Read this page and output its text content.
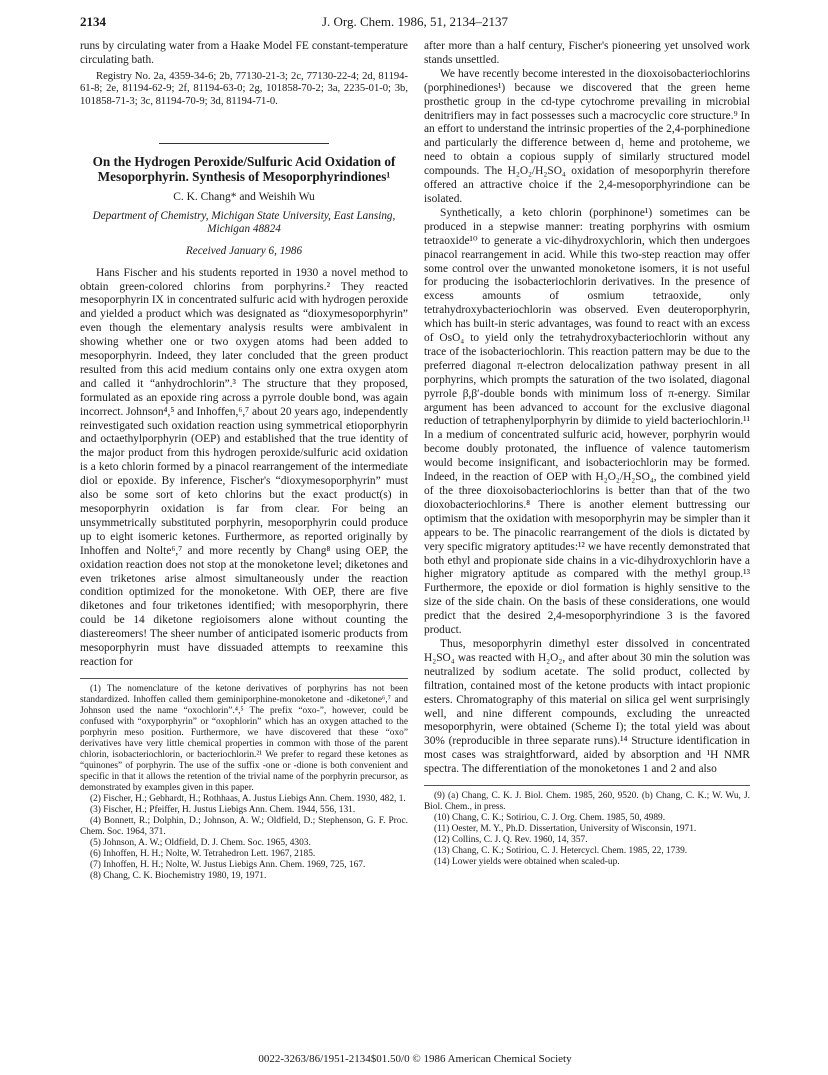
2134	J. Org. Chem. 1986, 51, 2134–2137

runs by circulating water from a Haake Model FE constant-temperature circulating bath.

Registry No. 2a, 4359-34-6; 2b, 77130-21-3; 2c, 77130-22-4; 2d, 81194-61-8; 2e, 81194-62-9; 2f, 81194-63-0; 2g, 101858-70-2; 3a, 2235-01-0; 3b, 101858-71-3; 3c, 81194-70-9; 3d, 81194-71-0.

On the Hydrogen Peroxide/Sulfuric Acid Oxidation of Mesoporphyrin. Synthesis of Mesoporphyrindiones¹
C. K. Chang* and Weishih Wu
Department of Chemistry, Michigan State University, East Lansing, Michigan 48824
Received January 6, 1986

Hans Fischer and his students reported in 1930 a novel method to obtain green-colored chlorins from porphyrins.² They reacted mesoporphyrin IX in concentrated sulfuric acid with hydrogen peroxide and yielded a product which was designated as “dioxymesoporphyrin” even though the elementary analysis results were ambivalent in showing whether one or two oxygen atoms had been added to mesoporphyrin. Indeed, they later concluded that the green product resulted from this acid medium contains only one extra oxygen atom and called it “anhydrochlorin”.³ The structure that they proposed, formulated as an epoxide ring across a pyrrole double bond, was again incorrect. Johnson⁴,⁵ and Inhoffen,⁶,⁷ about 20 years ago, independently reinvestigated such oxidation reaction using symmetrical etioporphyrin and octaethylporphyrin (OEP) and established that the true identity of the major product from this hydrogen peroxide/sulfuric acid oxidation is a keto chlorin formed by a pinacol rearrangement of the intermediate diol or epoxide. By inference, Fischer's “dioxymesoporphyrin” must also be some sort of keto chlorins but the exact product(s) in mesoporphyrin oxidation is far from clear. For being an unsymmetrically substituted porphyrin, mesoporphyrin could produce up to eight isomeric ketones. Furthermore, as reported originally by Inhoffen and Nolte⁶,⁷ and more recently by Chang⁸ using OEP, the oxidation reaction does not stop at the monoketone level; diketones and even triketones arise almost simultaneously under the reaction condition optimized for the monoketone. With OEP, there are five diketones and four triketones identified; with mesoporphyrin, there could be 14 diketone regioisomers alone without counting the diastereomers! The sheer number of anticipated isomeric products from mesoporphyrin must have dissuaded attempts to reexamine this reaction for

(1) The nomenclature of the ketone derivatives of porphyrins has not been standardized. Inhoffen called them geminiporphine-monoketone and -diketone⁶,⁷ and Johnson used the name “oxochlorin”.⁴,⁵ The prefix “oxo-”, however, could be confused with “oxyporphyrin” or “oxophlorin” which has an oxygen attached to the porphyrin meso position. Furthermore, we have discovered that these “oxo” derivatives have very little chemical properties in common with those of the parent chlorin, isobacteriochlorin, or bacteriochlorin.²¹ We prefer to regard these ketones as “quinones” of porphyrin. The use of the suffix -one or -dione is both convenient and specific in that it allows the retention of the trivial name of the porphyrin precursor, as demonstrated by examples given in this paper.

(2) Fischer, H.; Gebhardt, H.; Rothhaas, A. Justus Liebigs Ann. Chem. 1930, 482, 1.

(3) Fischer, H.; Pfeiffer, H. Justus Liebigs Ann. Chem. 1944, 556, 131.

(4) Bonnett, R.; Dolphin, D.; Johnson, A. W.; Oldfield, D.; Stephenson, G. F. Proc. Chem. Soc. 1964, 371.

(5) Johnson, A. W.; Oldfield, D. J. Chem. Soc. 1965, 4303.

(6) Inhoffen, H. H.; Nolte, W. Tetrahedron Lett. 1967, 2185.

(7) Inhoffen, H. H.; Nolte, W. Justus Liebigs Ann. Chem. 1969, 725, 167.

(8) Chang, C. K. Biochemistry 1980, 19, 1971.

after more than a half century, Fischer's pioneering yet unsolved work stands unsettled.

We have recently become interested in the dioxoisobacteriochlorins (porphinediones¹) because we discovered that the green heme prosthetic group in the cd-type cytochrome prevailing in microbial denitrifiers may in fact possesses such a macrocyclic core structure.⁹ In an effort to understand the intrinsic properties of the 2,4-porphinedione and particularly the difference between d₁ heme and protoheme, we need to obtain a copious supply of similarly structured model compounds. The H₂O₂/H₂SO₄ oxidation of mesoporphyrin therefore offered an attractive choice if the 2,4-mesoporphyrindione can be isolated.

Synthetically, a keto chlorin (porphinone¹) sometimes can be produced in a stepwise manner: treating porphyrins with osmium tetraoxide¹⁰ to generate a vic-dihydroxychlorin, which then undergoes pinacol rearrangement in acid. While this two-step reaction may offer some control over the unwanted monoketone isomers, it is not useful for producing the isobacteriochlorin derivatives. In the presence of excess amounts of osmium tetraoxide, only tetrahydroxybacteriochlorin was observed. Even deuteroporphyrin, which has built-in steric advantages, was found to react with an excess of OsO₄ to yield only the tetrahydroxybacteriochlorin without any trace of the isobacteriochlorin. This reaction pattern may be due to the preferred diagonal π-electron delocalization pathway present in all porphyrins, which prompts the saturation of the two isolated, diagonal pyrrole β,β′-double bonds with minimum loss of π-energy. Similar argument has been advanced to account for the exclusive diagonal reduction of tetraphenylporphyrin by diimide to yield bacteriochlorin.¹¹ In a medium of concentrated sulfuric acid, however, porphyrin would become doubly protonated, the influence of valence tautomerism would become insignificant, and isobacteriochlorin may be formed. Indeed, in the reaction of OEP with H₂O₂/H₂SO₄, the combined yield of the three dioxoisobacteriochlorins is better than that of the two dioxobacteriochlorins.⁸ There is another element buttressing our optimism that the oxidation with mesoporphyrin may be simpler than it appears to be. The pinacolic rearrangement of the diols is dictated by very specific migratory aptitudes:¹² we have recently demonstrated that both ethyl and propionate side chains in a vic-dihydroxychlorin have a higher migratory aptitude as compared with the methyl group.¹³ Furthermore, the epoxide or diol formation is highly sensitive to the size of the side chain. On the basis of these considerations, one would predict that the desired 2,4-mesoporphyrindione 3 is the favored product.

Thus, mesoporphyrin dimethyl ester dissolved in concentrated H₂SO₄ was reacted with H₂O₂, and after about 30 min the solution was neutralized by sodium acetate. The solid product, collected by filtration, contained most of the ketone products with intact propionic esters. Chromatography of this material on silica gel went surprisingly well, and nine different compounds, excluding the unreacted mesoporphyrin, were obtained (Scheme I); the total yield was about 30% (reproducible in three separate runs).¹⁴ Structure identification in most cases was straightforward, aided by absorption and ¹H NMR spectra. The differentiation of the monoketones 1 and 2 and also

(9) (a) Chang, C. K. J. Biol. Chem. 1985, 260, 9520. (b) Chang, C. K.; W. Wu, J. Biol. Chem., in press.

(10) Chang, C. K.; Sotiriou, C. J. Org. Chem. 1985, 50, 4989.

(11) Oester, M. Y., Ph.D. Dissertation, University of Wisconsin, 1971.

(12) Collins, C. J. Q. Rev. 1960, 14, 357.

(13) Chang, C. K.; Sotiriou, C. J. Hetercycl. Chem. 1985, 22, 1739.

(14) Lower yields were obtained when scaled-up.

0022-3263/86/1951-2134$01.50/0 © 1986 American Chemical Society
